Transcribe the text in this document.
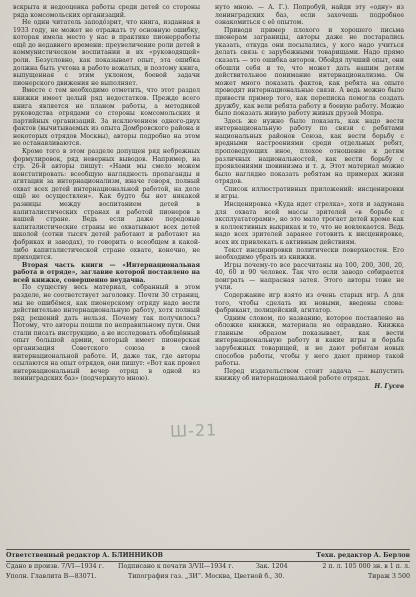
вскрыта и недооценка работы среди детей со стороны ряда комсомольских организаций.

Не один читатель заподо́зрит, что книга, изданная в 1933 году, не может не отражать ту основную ошибку, которая имела место у нас в практике пионерработы ещё до недавнего времени: преувеличение роли детей в коммунистическом воспитании и их «руководящей» роли. Безусловно, как показывает опыт, эта ошибка должна быть учтена в работе вожатых, и поэтому книга, выпущенная с этим уклоном, боевой задачи пионерского движения не выполняет.

Вместе с тем необходимо отметить, что этот раздел книжки имеет целый ряд недостатков. Прежде всего книга является не планом работы, а методикой руководства отрядами со стороны комсомольских и партийных организаций. За исключением одного-двух фактов (вычитываемых из опыта Домбровского района и некоторых отрядов Москвы), авторы подробно на этом не останавливаются.

Кроме того в этом разделе допущен ряд небрежных формулировок, ряд неверных выводов. Например, на стр. 26-й авторы пишут: «Нами мы смело можем констатировать: всеобщую наглядность пропаганды и агитации за интернационализм, иначе говоря, полный охват всех детей интернациональной работой, на деле ещё не осуществлен». Как будто бы нет никакой разницы между воспитанием детей в капиталистических странах и работой пионеров в нашей стране. Ведь если даже передовые капиталистические страны не охватывают всех детей школой (сотни тысяч детей работают и работают на фабриках и заводах), то говорить о всеобщем в какой-либо капиталистической стране охвате, конечно, не приходится.

Вторая часть книги — «Интернациональная работа в отряде», заглавие которой поставлено на всей книжке, совершенно неудачна.

По существу весь материал, собранный в этом разделе, не соответствует заголовку. Почти 30 страниц, мы не ошибёмся, как пионерскому отряду надо вести действительно интернациональную работу, хотя полный ряд решений дать нельзя. Почему так получилось? Потому, что авторы пошли по неправильному пути. Они стали писать инструкцию, а не исследовать обобщённый опыт большой армии, который имеет пионерская организация Советского союза в своей интернациональной работе. И, даже так, где авторы ссылаются на опыт отрядов, они пишут: «Вот как провел интернациональный вечер отряд в одной из ленинградских баз» (подчеркнуто мною).

нуто мною. — А. Г.). Попробуй, найди эту «одну» из ленинградских баз, если захочешь подробнее ознакомиться с её опытом.

Приводя пример плохого и хорошего письма пионерам заграницы, авторы даже не постарались указать, откуда они посылались, у кого надо учиться делать связь с зарубежными товарищами. Надо прямо сказать — это ошибка авторов. Обойдя лучший опыт, они обошли себя и то, что может дать нашим детям действительное понимание интернационализма. Он может много показать фактов, как ребята на опыте проводят интернациональные связи. А ведь можно было привести пример того, как переписка помогла создать дружбу, как вели ребята работу в боевую работу. Можно было показать живую работу живых друзей Мопра.

Здесь же нужно было показать, как надо вести интернациональную работу по связи с ребятами национальных районов Союза, как вести борьбу с вредными настроениями среди отдельных ребят, проповедующих иное, плохое отношение к детям различных национальностей, как вести борьбу с проявлениями шовинизма и т. д. Этот материал можно было наглядно показать ребятам на примерах жизни отрядов.

Список иллюстративных приложений: инсценировки и игры.

Инсценировка «Куда идет стрелка», хотя и задумана для охвата всей массы зрителей «в борьбе с эксплуататорами», но это мало трогает детей кроме как в коллективных выкриках и то, что не вовлекается. Ведь надо всех зрителей заранее готовить к инсценировке, всех их привлекать к активным действиям.

Текст инсценировки политически поверхностен. Его необходимо убрать из книжки.

Игры почему-то все рассчитаны на 100, 200, 300, 20, 40, 60 и 90 человек. Так что если заводо собирается поиграть — напрасная затея. Этого авторы тоже не учли.

Содержание игр взято из очень старых игр. А для того, чтобы сделать их новыми, введены слова: фабрикант, полицейский, агитатор.

Одним словом, по названию, которое поставлено на обложке книжки, материала не оправдано. Книжка главным образом показывает, как вести интернациональную работу и какие игры и борьба зарубежных товарищей, и не дают ребятам новых способов работы, чтобы у него дают пример такой работы.

Перед издательством стоит задача — выпустить книжку об интернациональной работе отрядах.

Н. Гусев

Ш-21
Ответственный редактор А. БЛИННИКОВ	Техн. редактор А. Берлов
Сдано в произв. 7/VI—1934 г. Подписано к печати 3/VII—1934 г.	Зак. 1204	2 п. л. 105 000 зн. в 1 п. л.
Уполн. Главлита В—83071.	Типография газ. „ЗИ“. Москва, Цветной б., 30.	Тираж 3 500
